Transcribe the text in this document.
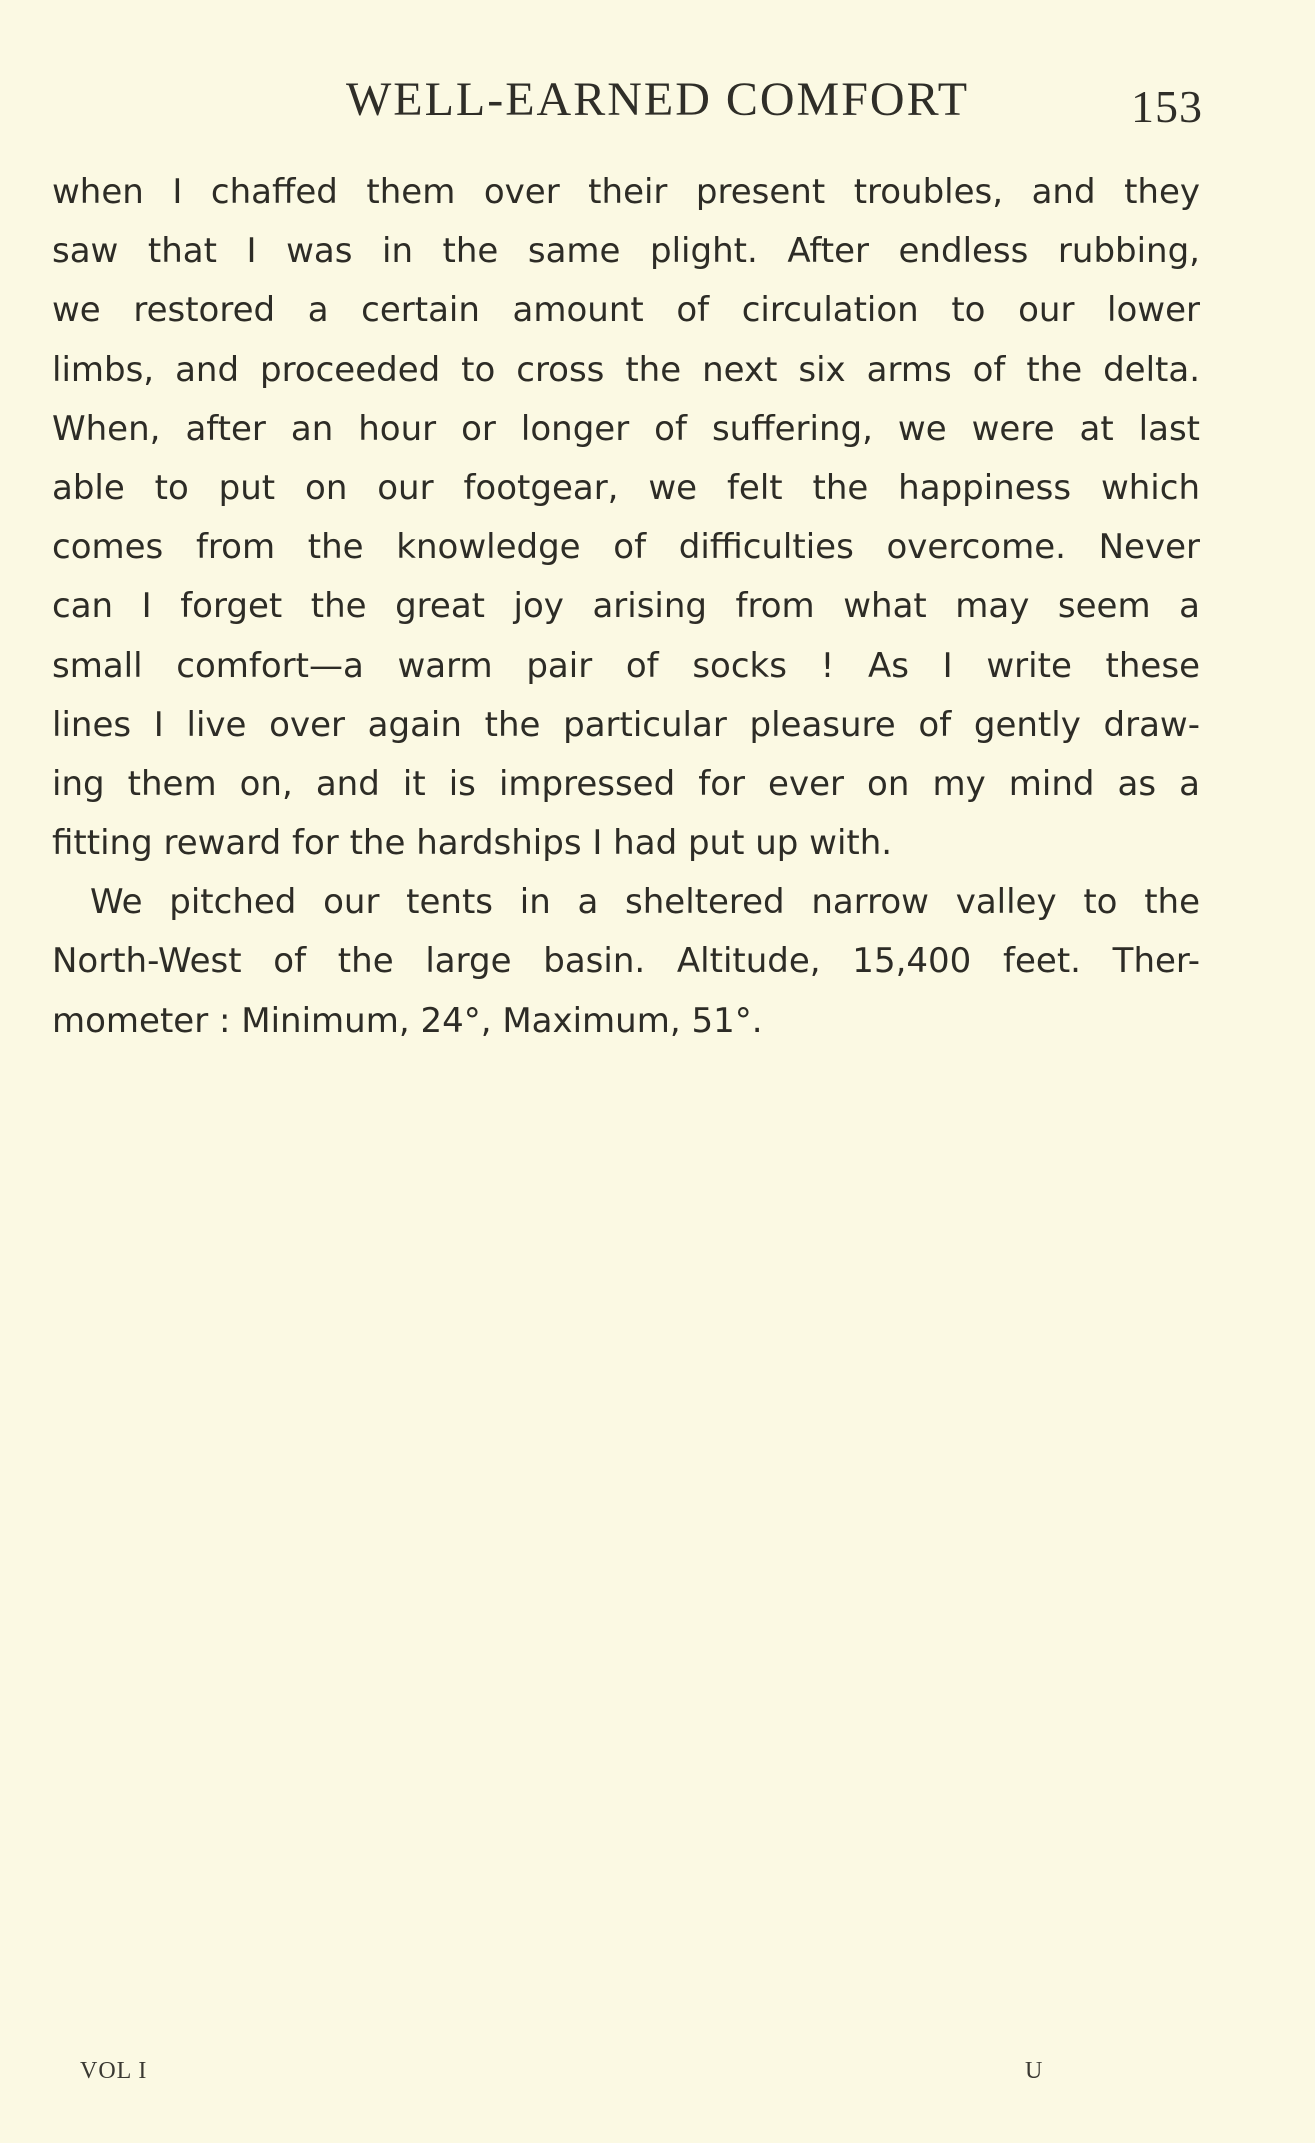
WELL-EARNED COMFORT	153
when I chaffed them over their present troubles, and they
saw that I was in the same plight. After endless rubbing,
we restored a certain amount of circulation to our lower
limbs, and proceeded to cross the next six arms of the delta.
When, after an hour or longer of suffering, we were at last
able to put on our footgear, we felt the happiness which
comes from the knowledge of difficulties overcome. Never
can I forget the great joy arising from what may seem a
small comfort—a warm pair of socks ! As I write these
lines I live over again the particular pleasure of gently draw-
ing them on, and it is impressed for ever on my mind as a
fitting reward for the hardships I had put up with.
We pitched our tents in a sheltered narrow valley to the
North-West of the large basin. Altitude, 15,400 feet. Ther-
mometer : Minimum, 24°, Maximum, 51°.
VOL I	U
